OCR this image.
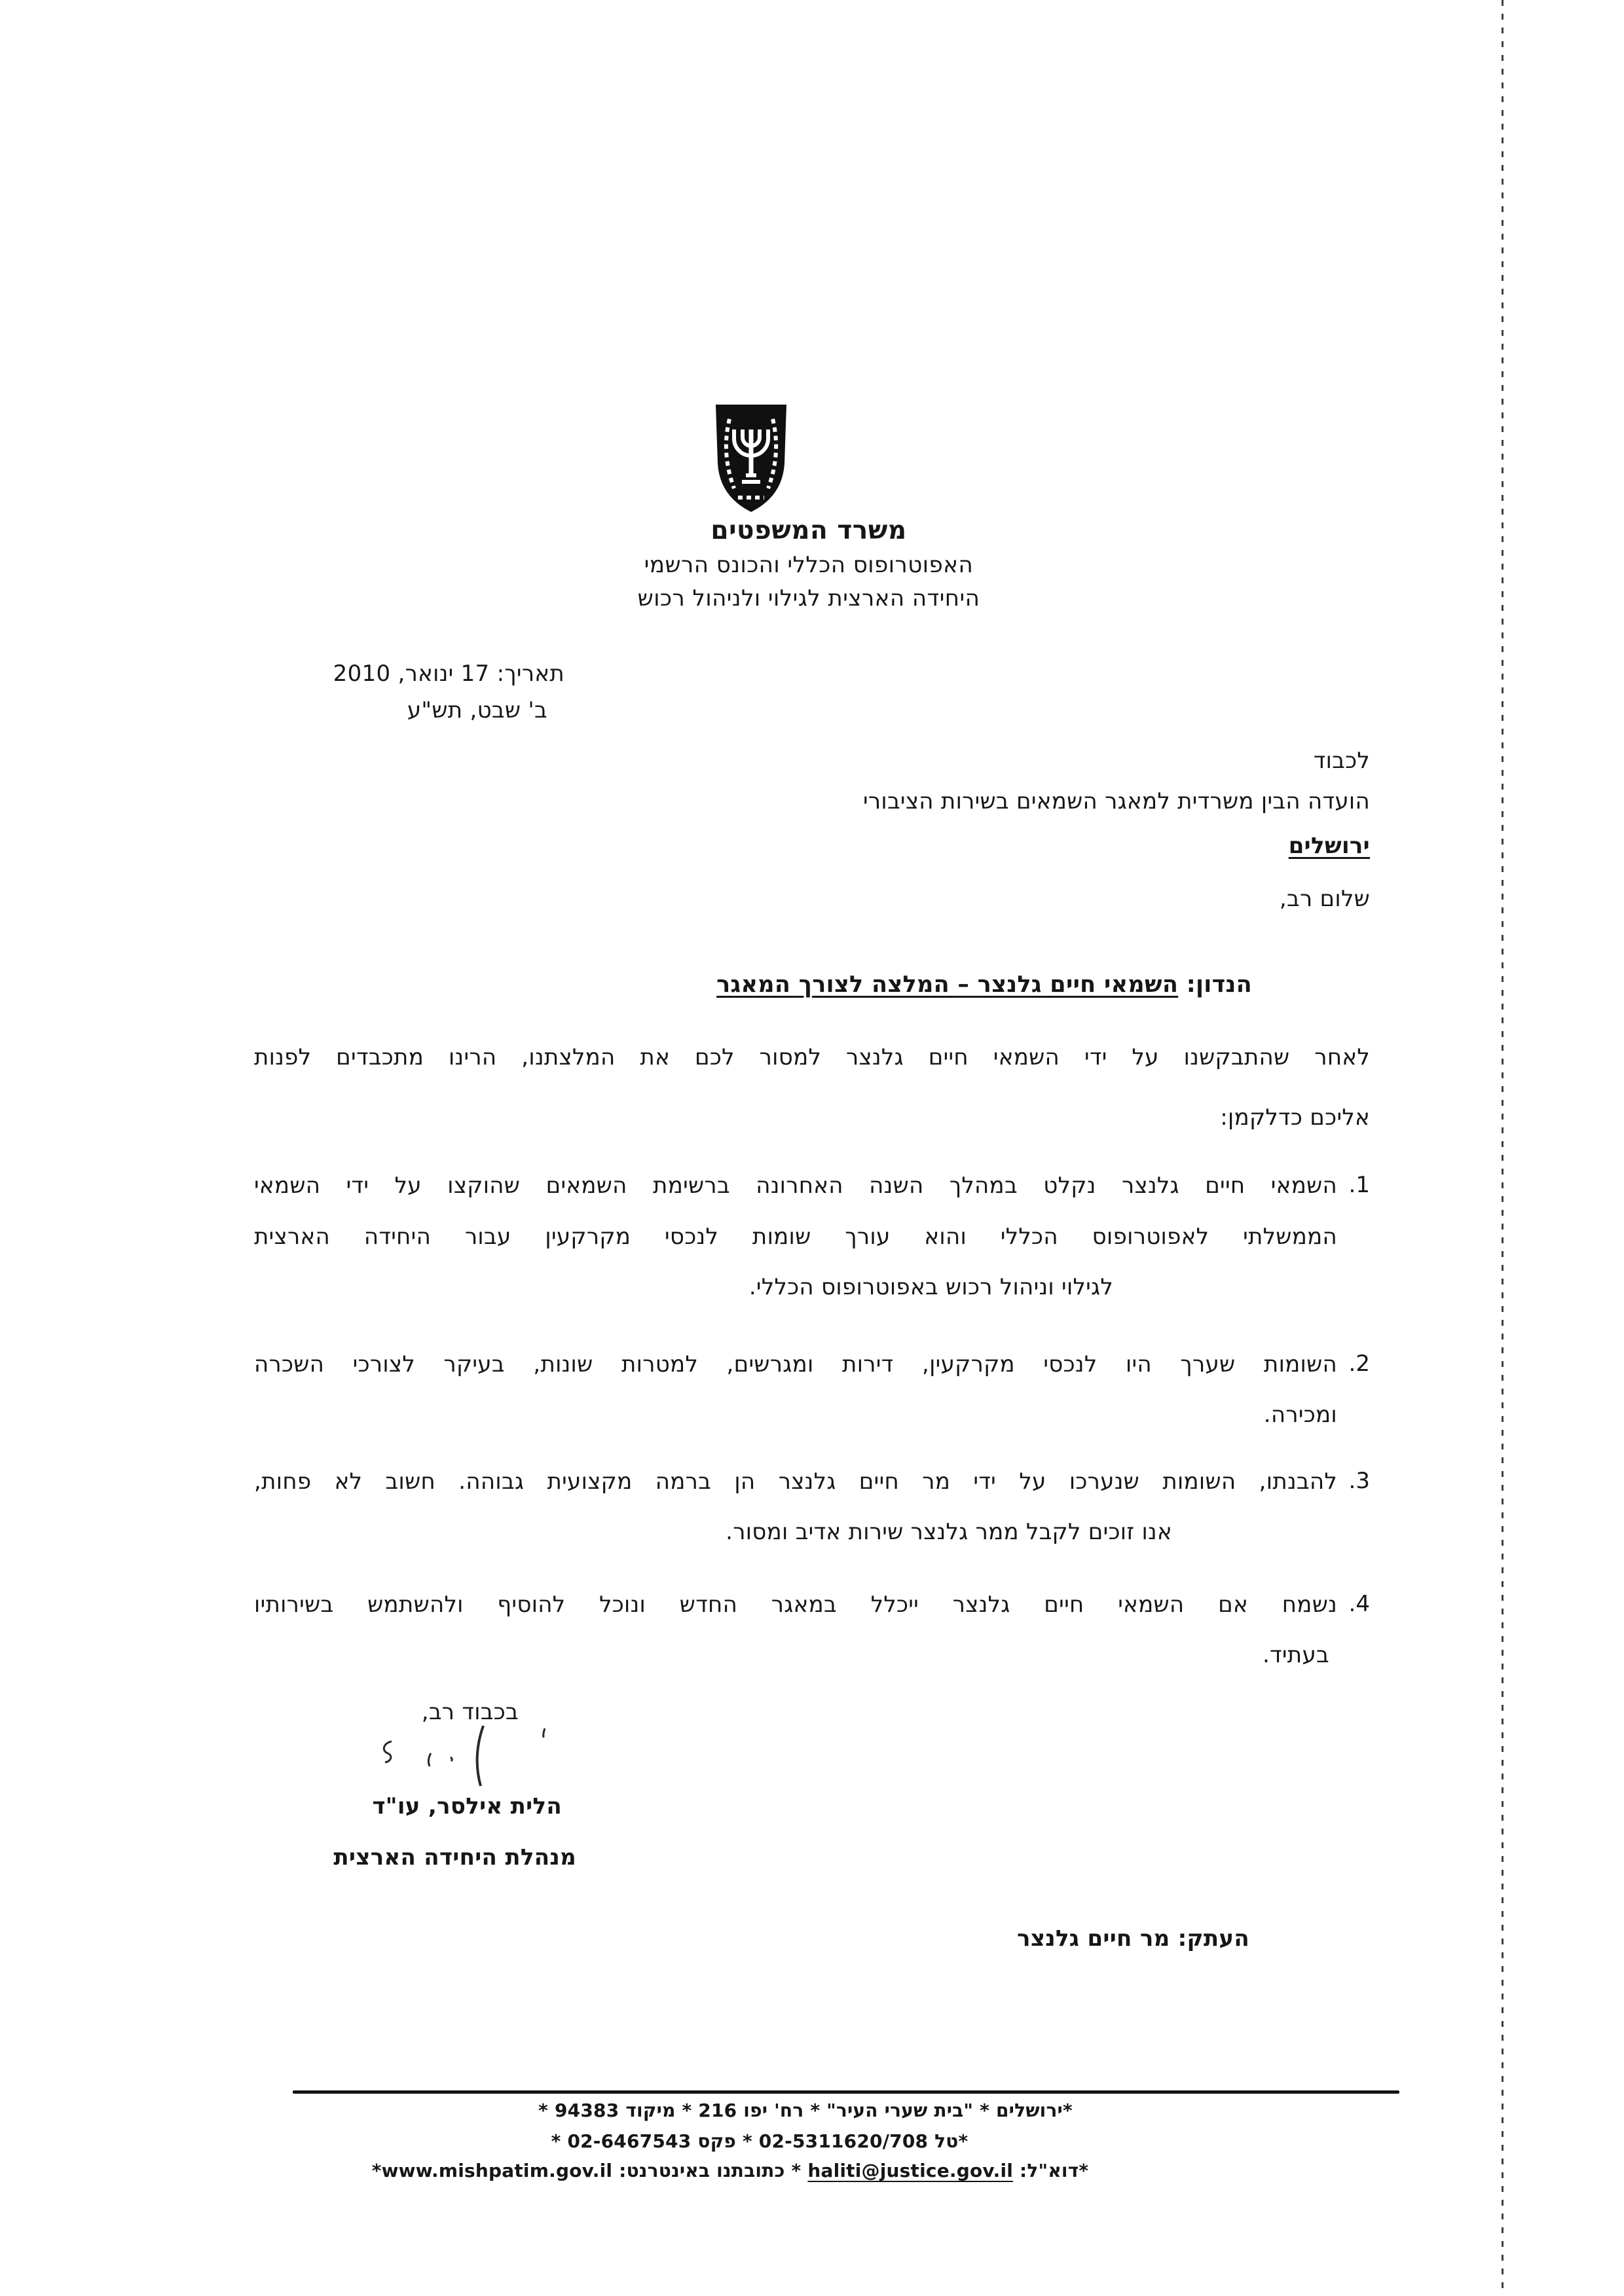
משרד המשפטים
האפוטרופוס הכללי והכונס הרשמי
היחידה הארצית לגילוי ולניהול רכוש
תאריך: 17 ינואר, 2010
ב' שבט, תש"ע
לכבוד
הועדה הבין משרדית למאגר השמאים בשירות הציבורי
ירושלים
שלום רב,
הנדון: השמאי חיים גלנצר – המלצה לצורך המאגר
לאחר שהתבקשנו על ידי השמאי חיים גלנצר למסור לכם את המלצתנו, הרינו מתכבדים לפנות
אליכם כדלקמן:
1.
השמאי חיים גלנצר נקלט במהלך השנה האחרונה ברשימת השמאים שהוקצו על ידי השמאי
הממשלתי לאפוטרופוס הכללי והוא עורך שומות לנכסי מקרקעין עבור היחידה הארצית
לגילוי וניהול רכוש באפוטרופוס הכללי.
2.
השומות שערך היו לנכסי מקרקעין, דירות ומגרשים, למטרות שונות, בעיקר לצורכי השכרה
ומכירה.
3.
להבנתו, השומות שנערכו על ידי מר חיים גלנצר הן ברמה מקצועית גבוהה. חשוב לא פחות,
אנו זוכים לקבל ממר גלנצר שירות אדיב ומסור.
4.
נשמח אם השמאי חיים גלנצר ייכלל במאגר החדש ונוכל להוסיף ולהשתמש בשירותיו
בעתיד.
בכבוד רב,
הלית אילסר, עו"ד
מנהלת היחידה הארצית
העתק: מר חיים גלנצר
*ירושלים * "בית שערי העיר" * רח' יפו 216 * מיקוד 94383 *
*טל 02-5311620/708 * פקס 02-6467543 *
*דוא"ל: haliti@justice.gov.il * כתובתנו באינטרנט: www.mishpatim.gov.il*
